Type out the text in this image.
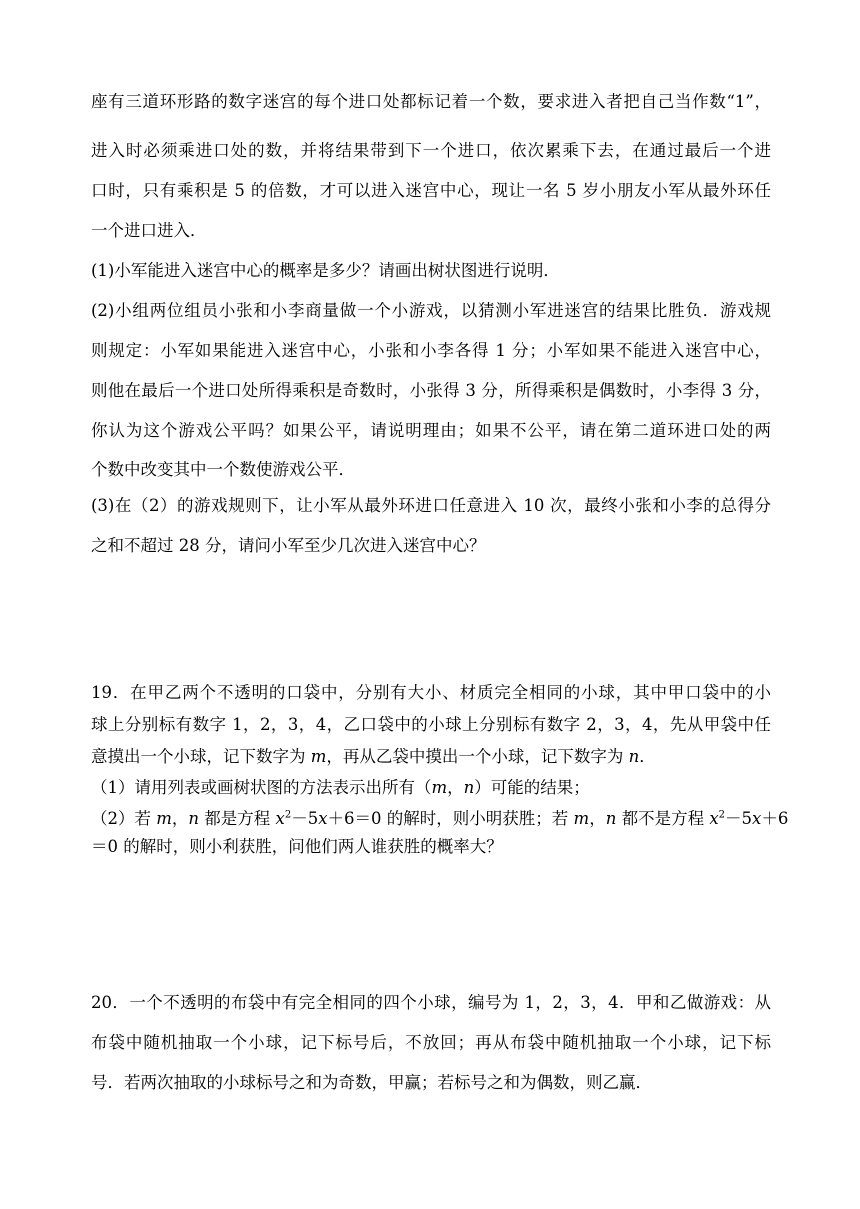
座有三道环形路的数字迷宫的每个进口处都标记着一个数，要求进入者把自己当作数“1”，
进入时必须乘进口处的数，并将结果带到下一个进口，依次累乘下去，在通过最后一个进
口时，只有乘积是 5 的倍数，才可以进入迷宫中心，现让一名 5 岁小朋友小军从最外环任
一个进口进入．
(1)小军能进入迷宫中心的概率是多少？请画出树状图进行说明．
(2)小组两位组员小张和小李商量做一个小游戏，以猜测小军进迷宫的结果比胜负．游戏规
则规定：小军如果能进入迷宫中心，小张和小李各得 1 分；小军如果不能进入迷宫中心，
则他在最后一个进口处所得乘积是奇数时，小张得 3 分，所得乘积是偶数时，小李得 3 分，
你认为这个游戏公平吗？如果公平，请说明理由；如果不公平，请在第二道环进口处的两
个数中改变其中一个数使游戏公平．
(3)在（2）的游戏规则下，让小军从最外环进口任意进入 10 次，最终小张和小李的总得分
之和不超过 28 分，请问小军至少几次进入迷宫中心？
19．在甲乙两个不透明的口袋中，分别有大小、材质完全相同的小球，其中甲口袋中的小
球上分别标有数字 1，2，3，4，乙口袋中的小球上分别标有数字 2，3，4，先从甲袋中任
意摸出一个小球，记下数字为 m，再从乙袋中摸出一个小球，记下数字为 n．
（1）请用列表或画树状图的方法表示出所有（m，n）可能的结果；
（2）若 m，n 都是方程 $x^2-5x+6=0$ 的解时，则小明获胜；若 m，n 都不是方程 $x^2-5x+6$
＝0 的解时，则小利获胜，问他们两人谁获胜的概率大？
20．一个不透明的布袋中有完全相同的四个小球，编号为 1，2，3，4．甲和乙做游戏：从
布袋中随机抽取一个小球，记下标号后，不放回；再从布袋中随机抽取一个小球，记下标
号．若两次抽取的小球标号之和为奇数，甲赢；若标号之和为偶数，则乙赢．
